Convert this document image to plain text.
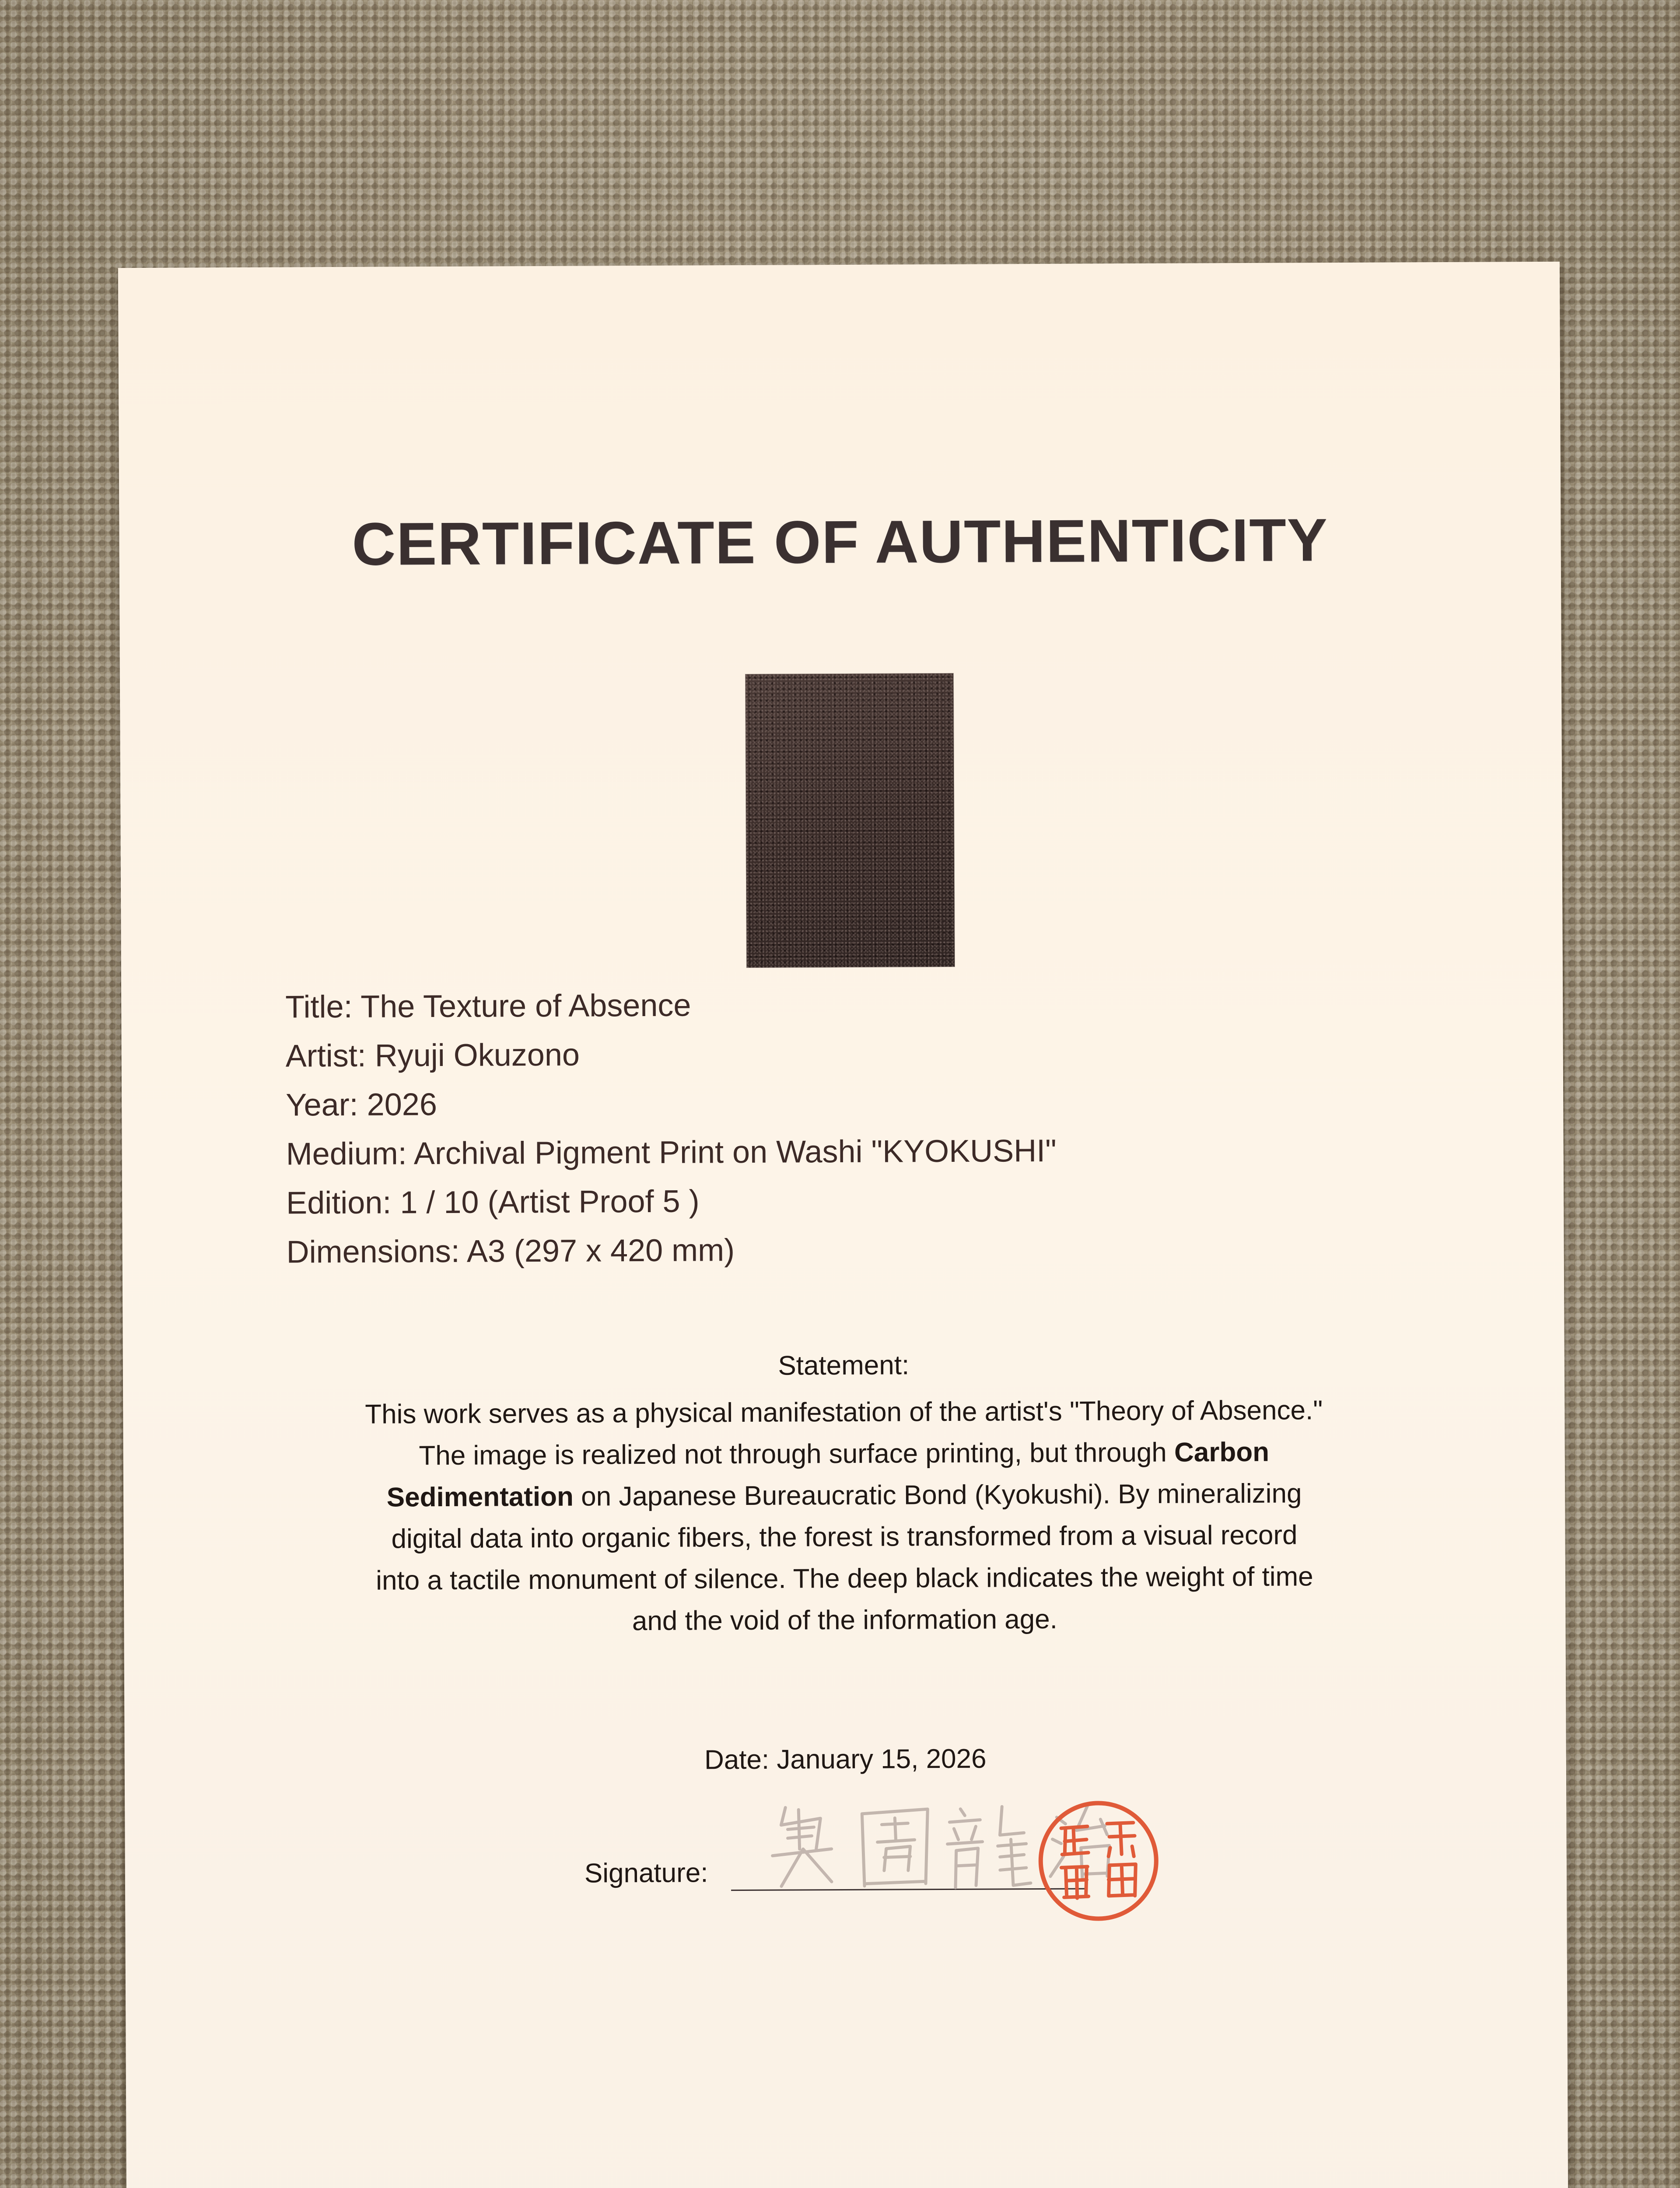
CERTIFICATE OF AUTHENTICITY
Title: The Texture of Absence
Artist: Ryuji Okuzono
Year: 2026
Medium: Archival Pigment Print on Washi "KYOKUSHI"
Edition: 1 / 10 (Artist Proof 5 )
Dimensions: A3 (297 x 420 mm)
Statement:
This work serves as a physical manifestation of the artist's "Theory of Absence."
The image is realized not through surface printing, but through Carbon
Sedimentation on Japanese Bureaucratic Bond (Kyokushi). By mineralizing
digital data into organic fibers, the forest is transformed from a visual record
into a tactile monument of silence. The deep black indicates the weight of time
and the void of the information age.
Date: January 15, 2026
Signature:
